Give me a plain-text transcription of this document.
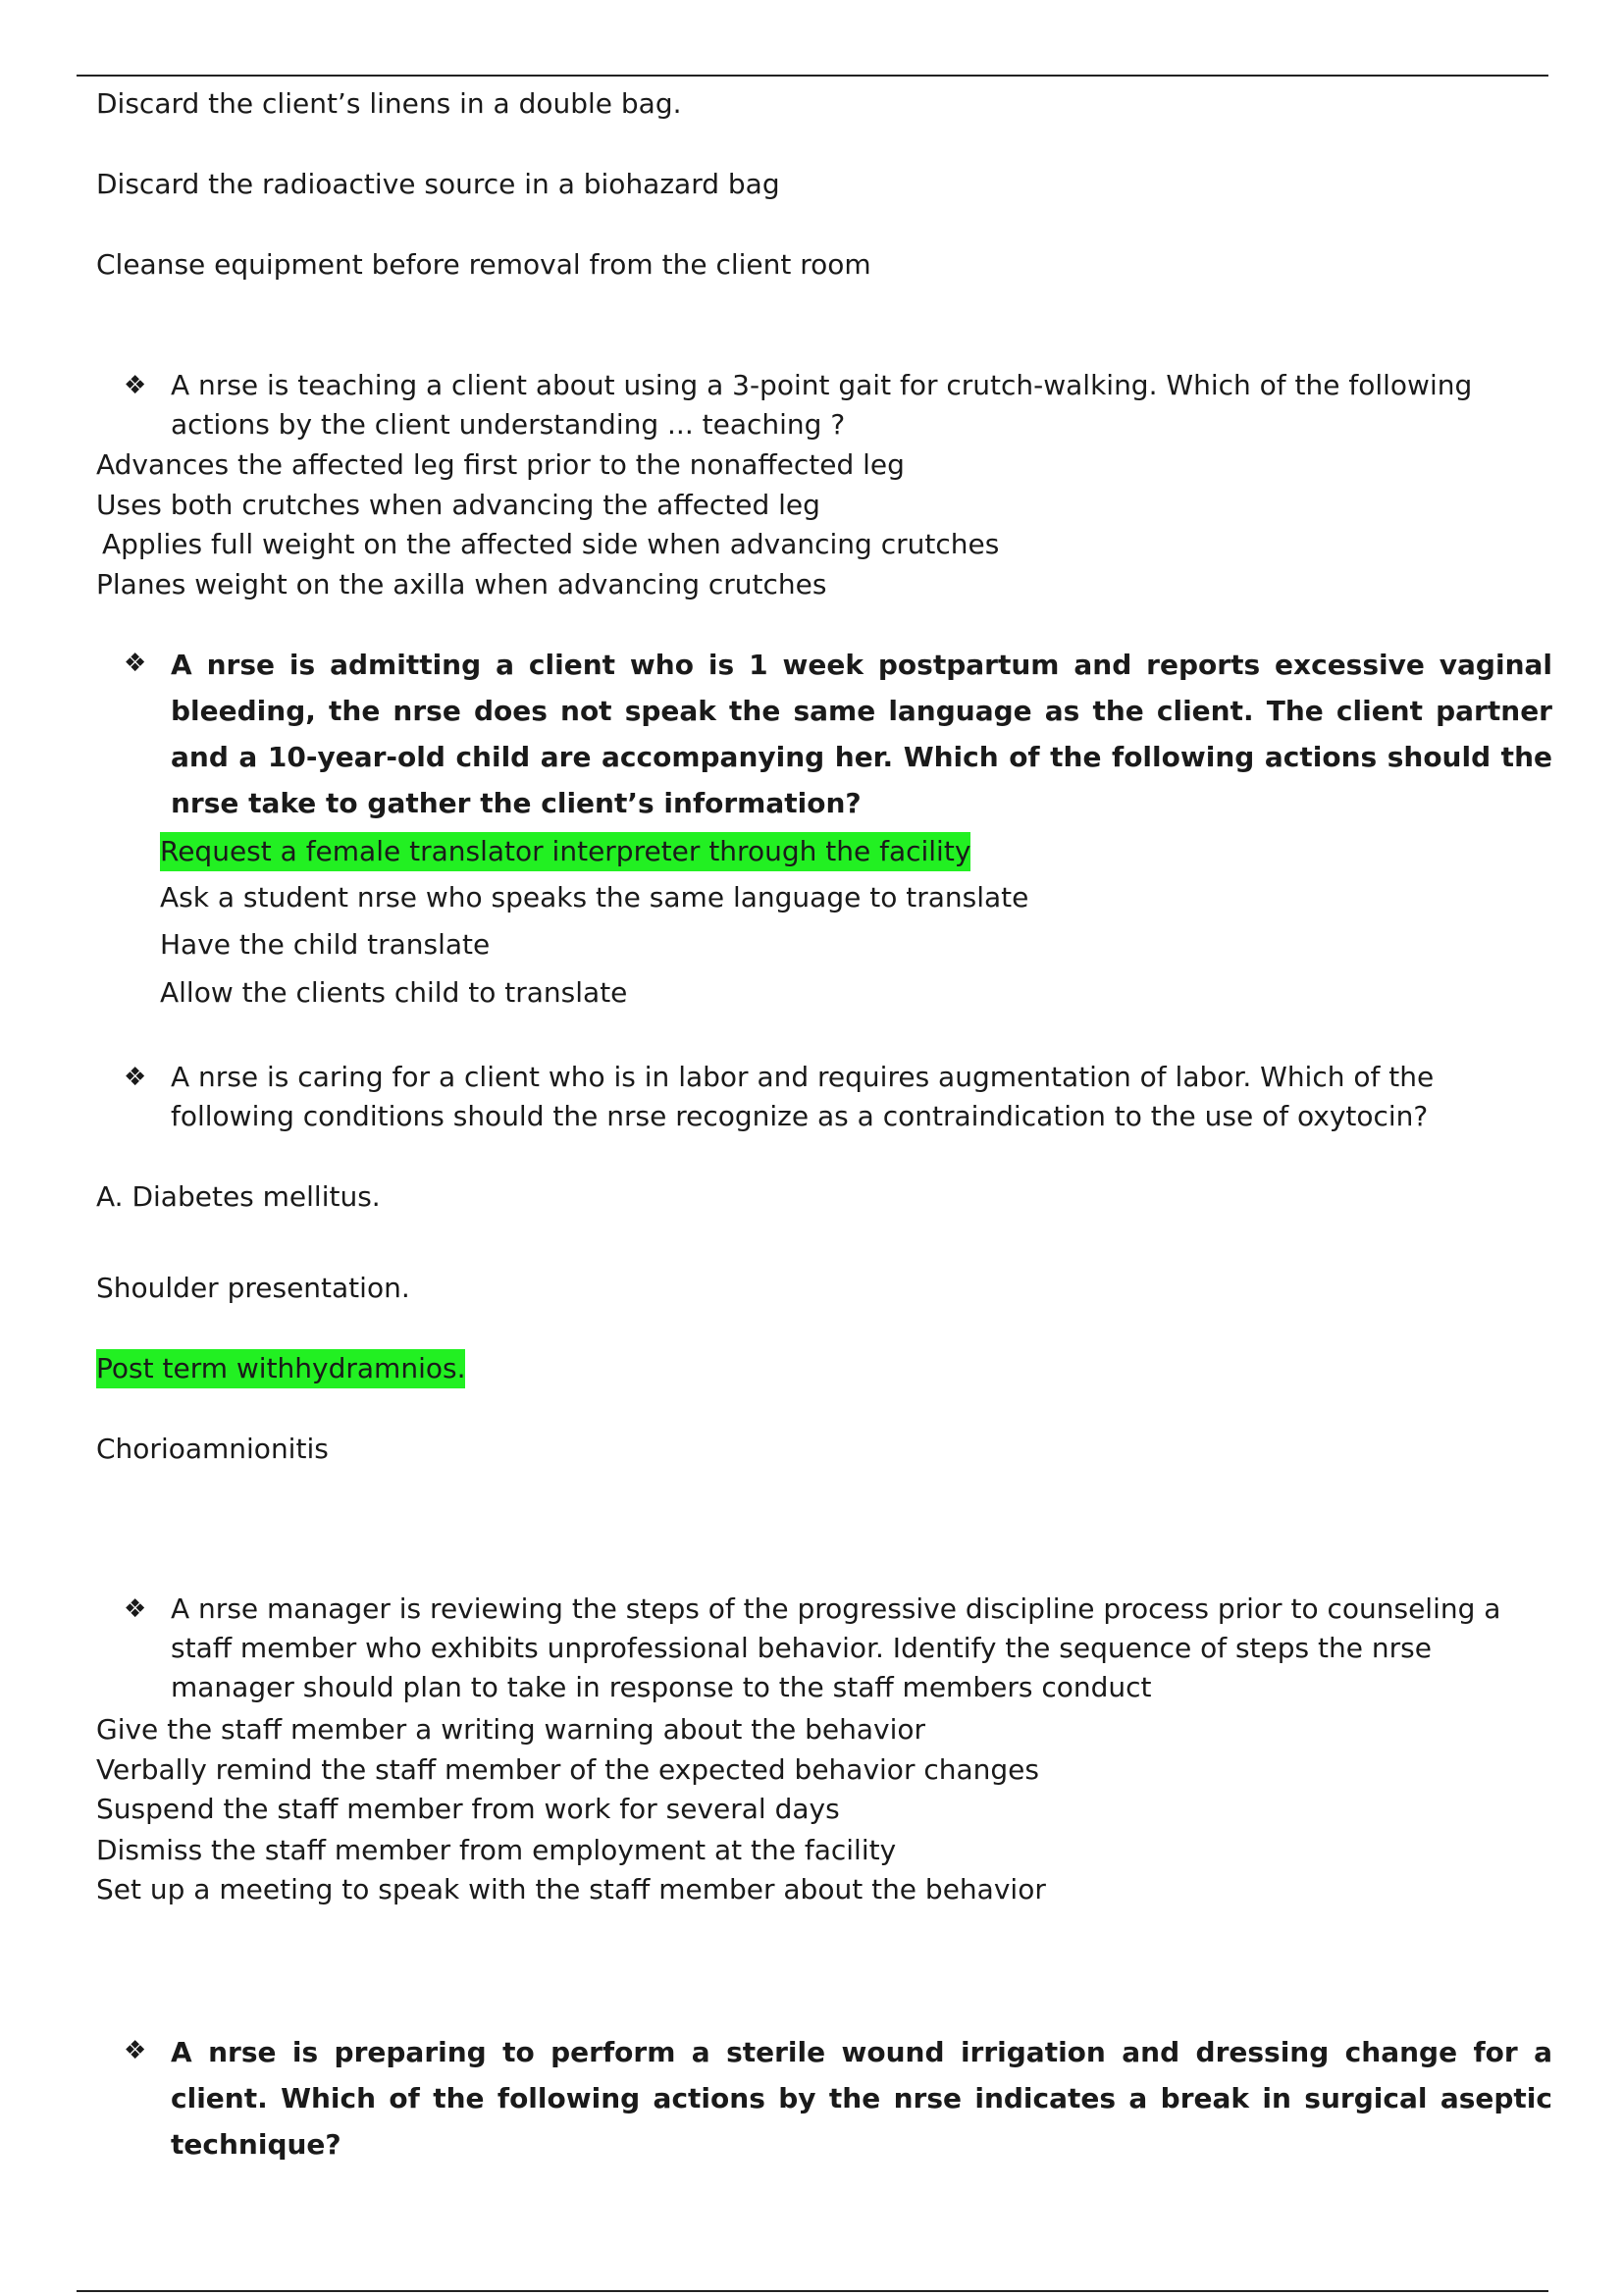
Discard the client’s linens in a double bag.
Discard the radioactive source in a biohazard bag
Cleanse equipment before removal from the client room
❖ A nrse is teaching a client about using a 3-point gait for crutch-walking. Which of the following actions by the client understanding ... teaching ?
Advances the affected leg first prior to the nonaffected leg
Uses both crutches when advancing the affected leg
Applies full weight on the affected side when advancing crutches
Planes weight on the axilla when advancing crutches
❖ A nrse is admitting a client who is 1 week postpartum and reports excessive vaginal bleeding, the nrse does not speak the same language as the client. The client partner and a 10-year-old child are accompanying her. Which of the following actions should the nrse take to gather the client’s information?
Request a female translator interpreter through the facility
Ask a student nrse who speaks the same language to translate
Have the child translate
Allow the clients child to translate
❖ A nrse is caring for a client who is in labor and requires augmentation of labor. Which of the following conditions should the nrse recognize as a contraindication to the use of oxytocin?
A. Diabetes mellitus.
Shoulder presentation.
Post term withhydramnios.
Chorioamnionitis
❖ A nrse manager is reviewing the steps of the progressive discipline process prior to counseling a staff member who exhibits unprofessional behavior. Identify the sequence of steps the nrse manager should plan to take in response to the staff members conduct
Give the staff member a writing warning about the behavior
Verbally remind the staff member of the expected behavior changes
Suspend the staff member from work for several days
Dismiss the staff member from employment at the facility
Set up a meeting to speak with the staff member about the behavior
❖ A nrse is preparing to perform a sterile wound irrigation and dressing change for a client. Which of the following actions by the nrse indicates a break in surgical aseptic technique?
